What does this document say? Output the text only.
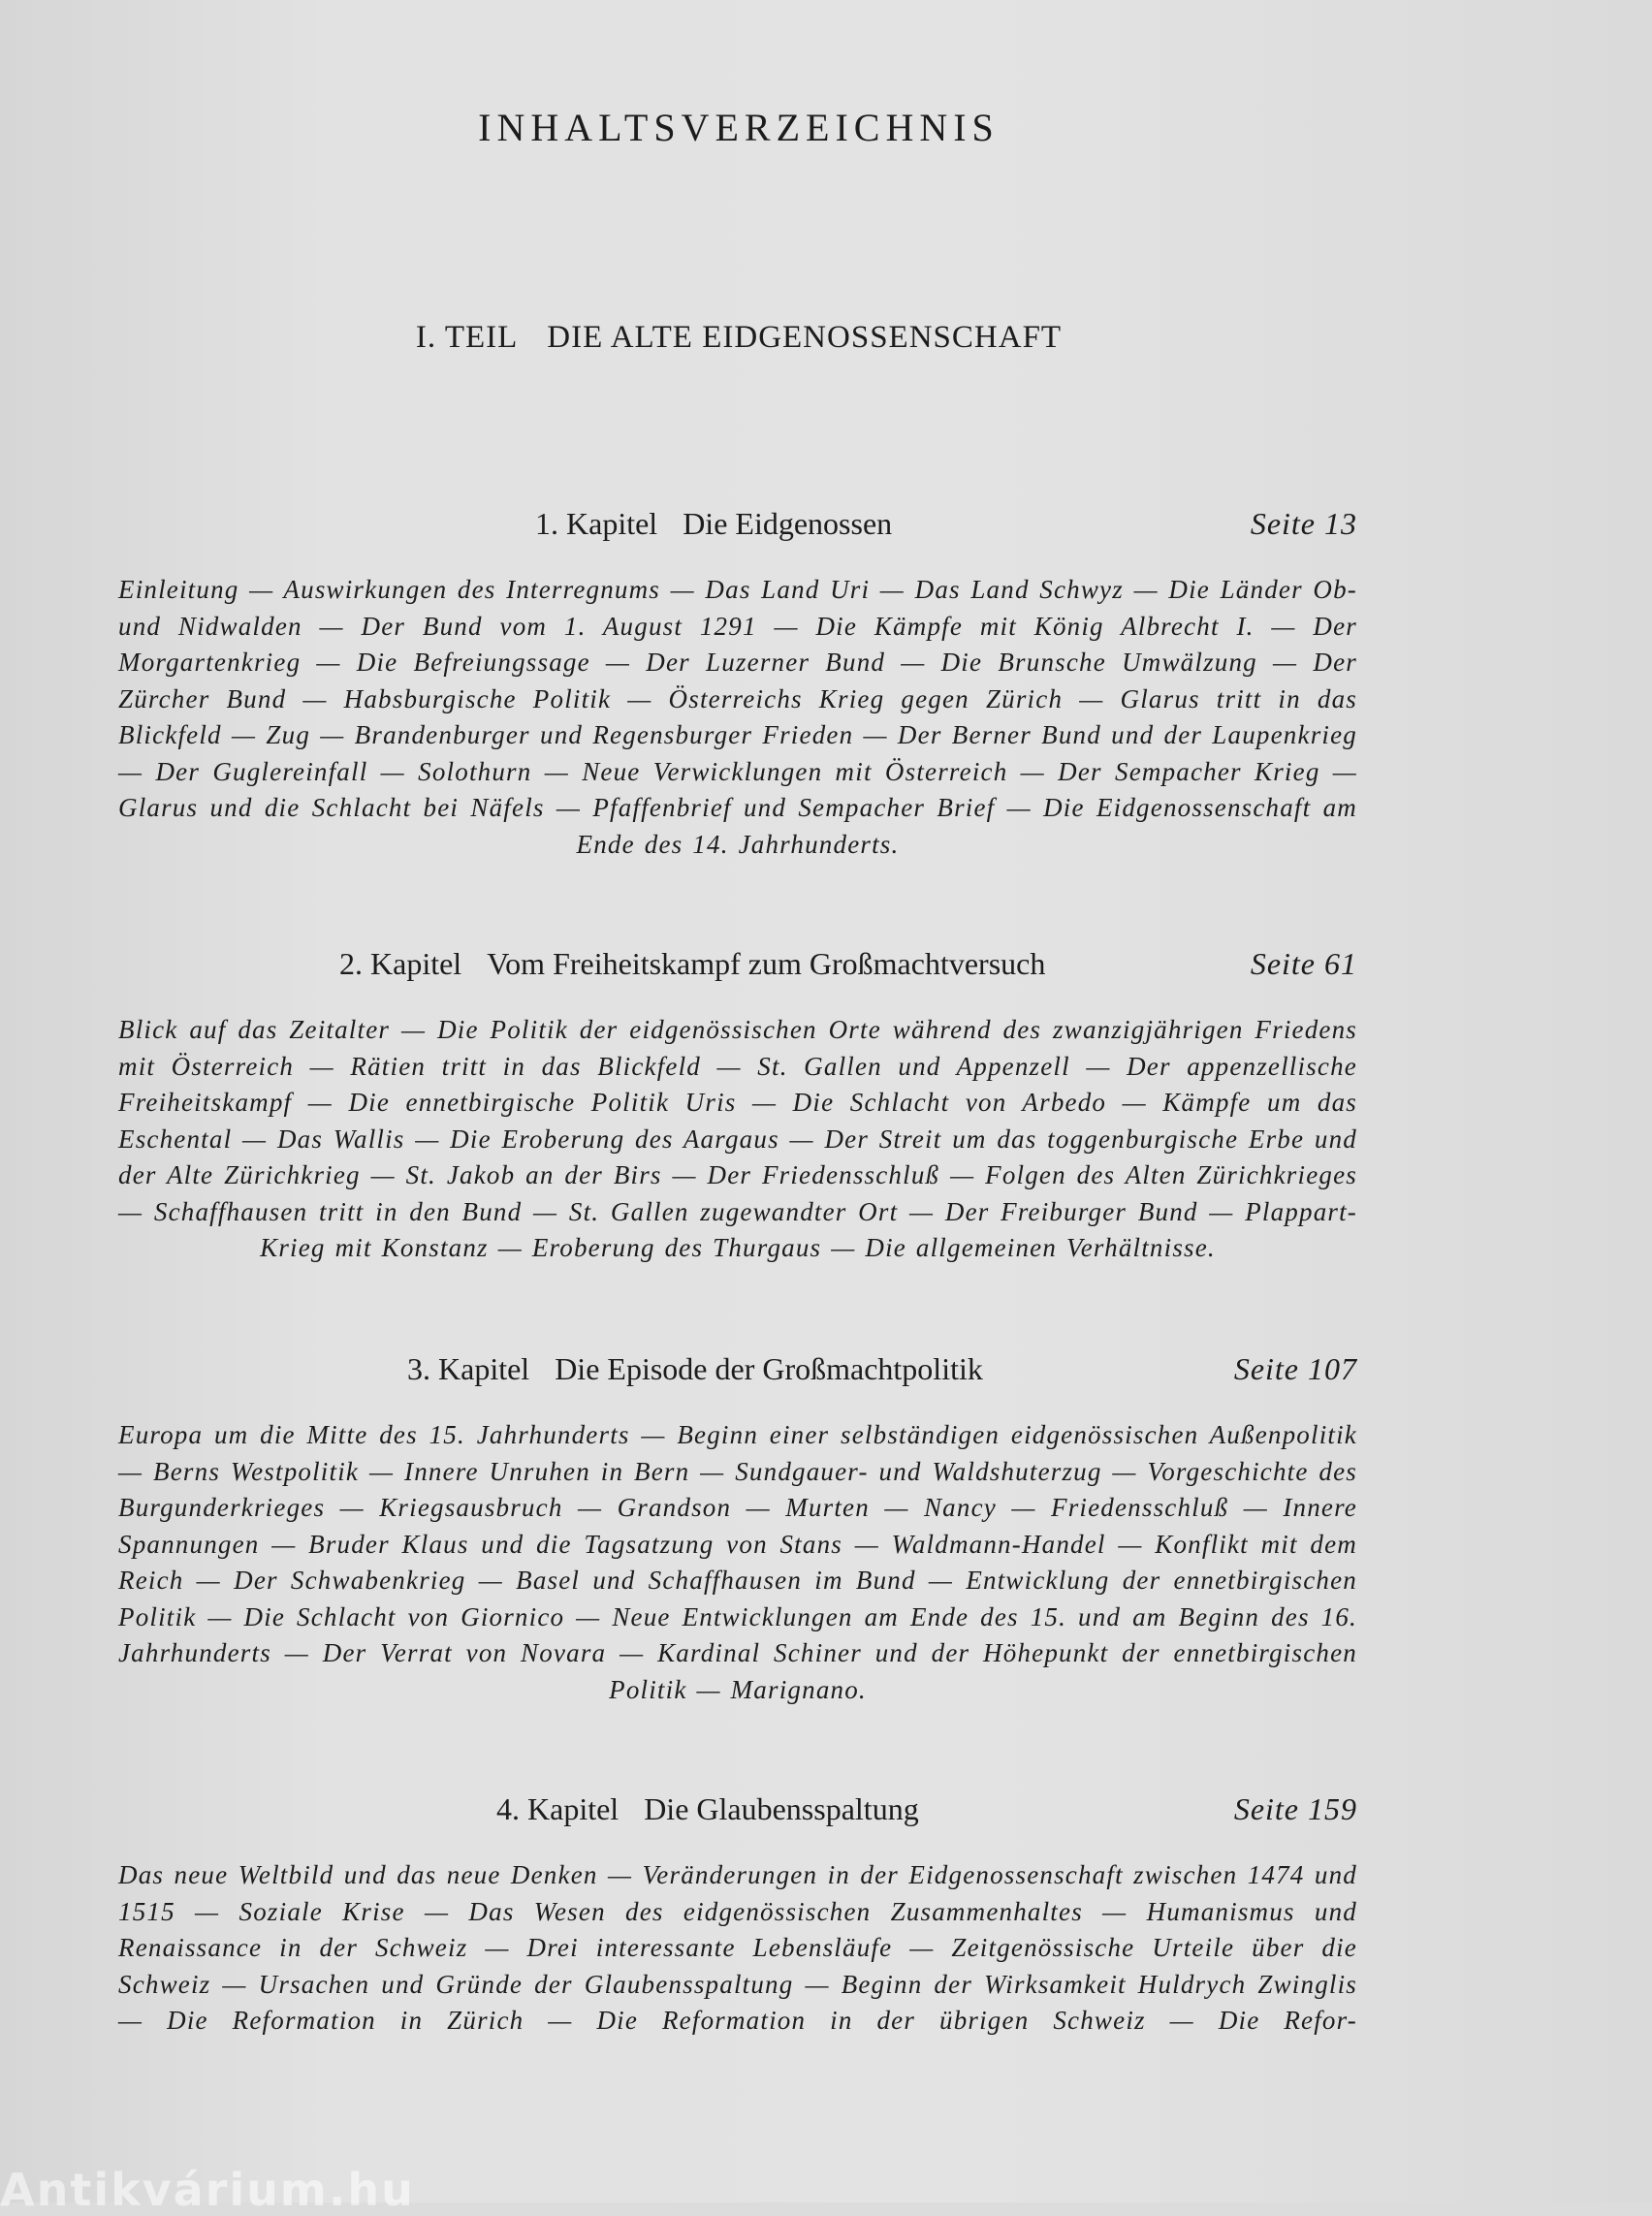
INHALTSVERZEICHNIS
I. TEIL DIE ALTE EIDGENOSSENSCHAFT
1. Kapitel Die Eidgenossen	Seite 13
Einleitung — Auswirkungen des Interregnums — Das Land Uri — Das Land Schwyz — Die Länder Ob- und Nidwalden — Der Bund vom 1. August 1291 — Die Kämpfe mit König Albrecht I. — Der Morgartenkrieg — Die Befreiungssage — Der Luzerner Bund — Die Brunsche Umwälzung — Der Zürcher Bund — Habsburgische Politik — Österreichs Krieg gegen Zürich — Glarus tritt in das Blickfeld — Zug — Brandenburger und Regensburger Frieden — Der Berner Bund und der Laupenkrieg — Der Guglereinfall — Solothurn — Neue Verwicklungen mit Österreich — Der Sempacher Krieg — Glarus und die Schlacht bei Näfels — Pfaffenbrief und Sempacher Brief — Die Eidgenossenschaft am Ende des 14. Jahrhunderts.
2. Kapitel Vom Freiheitskampf zum Großmachtversuch	Seite 61
Blick auf das Zeitalter — Die Politik der eidgenössischen Orte während des zwanzigjährigen Friedens mit Österreich — Rätien tritt in das Blickfeld — St. Gallen und Appenzell — Der appenzellische Freiheitskampf — Die ennetbirgische Politik Uris — Die Schlacht von Arbedo — Kämpfe um das Eschental — Das Wallis — Die Eroberung des Aargaus — Der Streit um das toggenburgische Erbe und der Alte Zürichkrieg — St. Jakob an der Birs — Der Friedensschluß — Folgen des Alten Zürichkrieges — Schaffhausen tritt in den Bund — St. Gallen zugewandter Ort — Der Freiburger Bund — Plappart-Krieg mit Konstanz — Eroberung des Thurgaus — Die allgemeinen Verhältnisse.
3. Kapitel Die Episode der Großmachtpolitik	Seite 107
Europa um die Mitte des 15. Jahrhunderts — Beginn einer selbständigen eidgenössischen Außenpolitik — Berns Westpolitik — Innere Unruhen in Bern — Sundgauer- und Waldshuterzug — Vorgeschichte des Burgunderkrieges — Kriegsausbruch — Grandson — Murten — Nancy — Friedensschluß — Innere Spannungen — Bruder Klaus und die Tagsatzung von Stans — Waldmann-Handel — Konflikt mit dem Reich — Der Schwabenkrieg — Basel und Schaffhausen im Bund — Entwicklung der ennetbirgischen Politik — Die Schlacht von Giornico — Neue Entwicklungen am Ende des 15. und am Beginn des 16. Jahrhunderts — Der Verrat von Novara — Kardinal Schiner und der Höhepunkt der ennetbirgischen Politik — Marignano.
4. Kapitel Die Glaubensspaltung	Seite 159
Das neue Weltbild und das neue Denken — Veränderungen in der Eidgenossenschaft zwischen 1474 und 1515 — Soziale Krise — Das Wesen des eidgenössischen Zusammenhaltes — Humanismus und Renaissance in der Schweiz — Drei interessante Lebensläufe — Zeitgenössische Urteile über die Schweiz — Ursachen und Gründe der Glaubensspaltung — Beginn der Wirksamkeit Huldrych Zwinglis — Die Reformation in Zürich — Die Reformation in der übrigen Schweiz — Die Refor-
Antikvárium.hu
